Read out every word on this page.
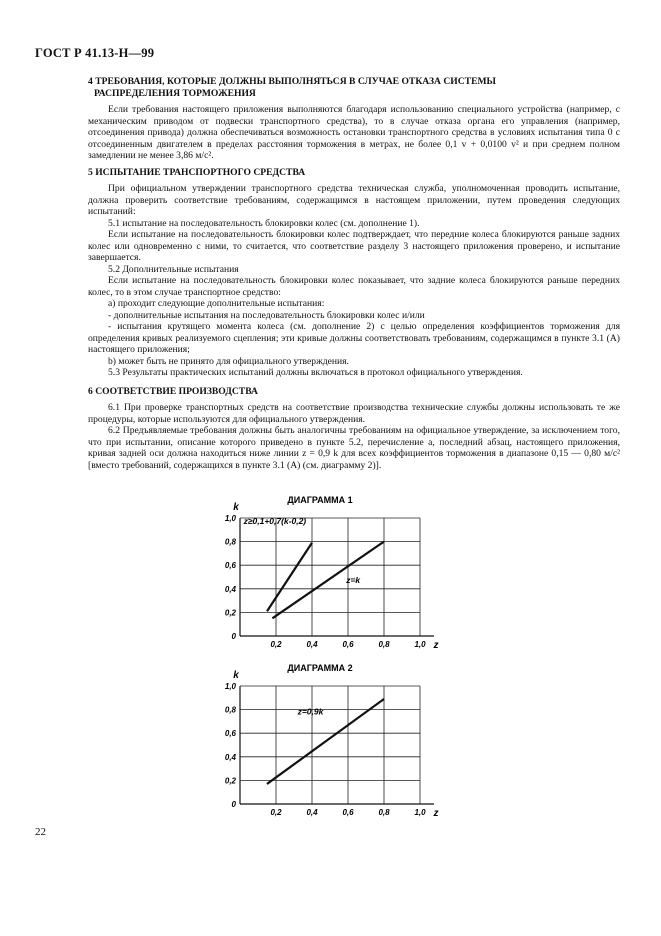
ГОСТ Р 41.13-Н—99
4 ТРЕБОВАНИЯ, КОТОРЫЕ ДОЛЖНЫ ВЫПОЛНЯТЬСЯ В СЛУЧАЕ ОТКАЗА СИСТЕМЫ
РАСПРЕДЕЛЕНИЯ ТОРМОЖЕНИЯ

Если требования настоящего приложения выполняются благодаря использованию специального устройства (например, с механическим приводом от подвески транспортного средства), то в случае отказа органа его управления (например, отсоединения привода) должна обеспечиваться возможность остановки транспортного средства в условиях испытания типа 0 с отсоединенным двигателем в пределах расстояния торможения в метрах, не более 0,1 v + 0,0100 v² и при среднем полном замедлении не менее 3,86 м/с².

5 ИСПЫТАНИЕ ТРАНСПОРТНОГО СРЕДСТВА

При официальном утверждении транспортного средства техническая служба, уполномоченная проводить испытание, должна проверить соответствие требованиям, содержащимся в настоящем приложении, путем проведения следующих испытаний:

5.1 испытание на последовательность блокировки колес (см. дополнение 1).

Если испытание на последовательность блокировки колес подтверждает, что передние колеса блокируются раньше задних колес или одновременно с ними, то считается, что соответствие разделу 3 настоящего приложения проверено, и испытание завершается.

5.2 Дополнительные испытания

Если испытание на последовательность блокировки колес показывает, что задние колеса блокируются раньше передних колес, то в этом случае транспортное средство:

a) проходит следующие дополнительные испытания:

- дополнительные испытания на последовательность блокировки колес и/или

- испытания крутящего момента колеса (см. дополнение 2) с целью определения коэффициентов торможения для определения кривых реализуемого сцепления; эти кривые должны соответствовать требованиям, содержащимся в пункте 3.1 (A) настоящего приложения;

b) может быть не принято для официального утверждения.

5.3 Результаты практических испытаний должны включаться в протокол официального утверждения.

6 СООТВЕТСТВИЕ ПРОИЗВОДСТВА

6.1 При проверке транспортных средств на соответствие производства технические службы должны использовать те же процедуры, которые используются для официального утверждения.

6.2 Предъявляемые требования должны быть аналогичны требованиям на официальное утверждение, за исключением того, что при испытании, описание которого приведено в пункте 5.2, перечисление a, последний абзац, настоящего приложения, кривая задней оси должна находиться ниже линии z = 0,9 k для всех коэффициентов торможения в диапазоне 0,15 — 0,80 м/с² [вместо требований, содержащихся в пункте 3.1 (A) (см. диаграмму 2)].

ДИАГРАММА 1
0,2	0,4	0,6	0,8	1,0
0,2
0,4
0,6
0,8
1,0
0
z
k
z≥0,1+0,7(k-0,2)
z=k
ДИАГРАММА 2
0,2	0,4	0,6	0,8	1,0
0,2
0,4
0,6
0,8
1,0
0
z
k
z=0,9k
22
